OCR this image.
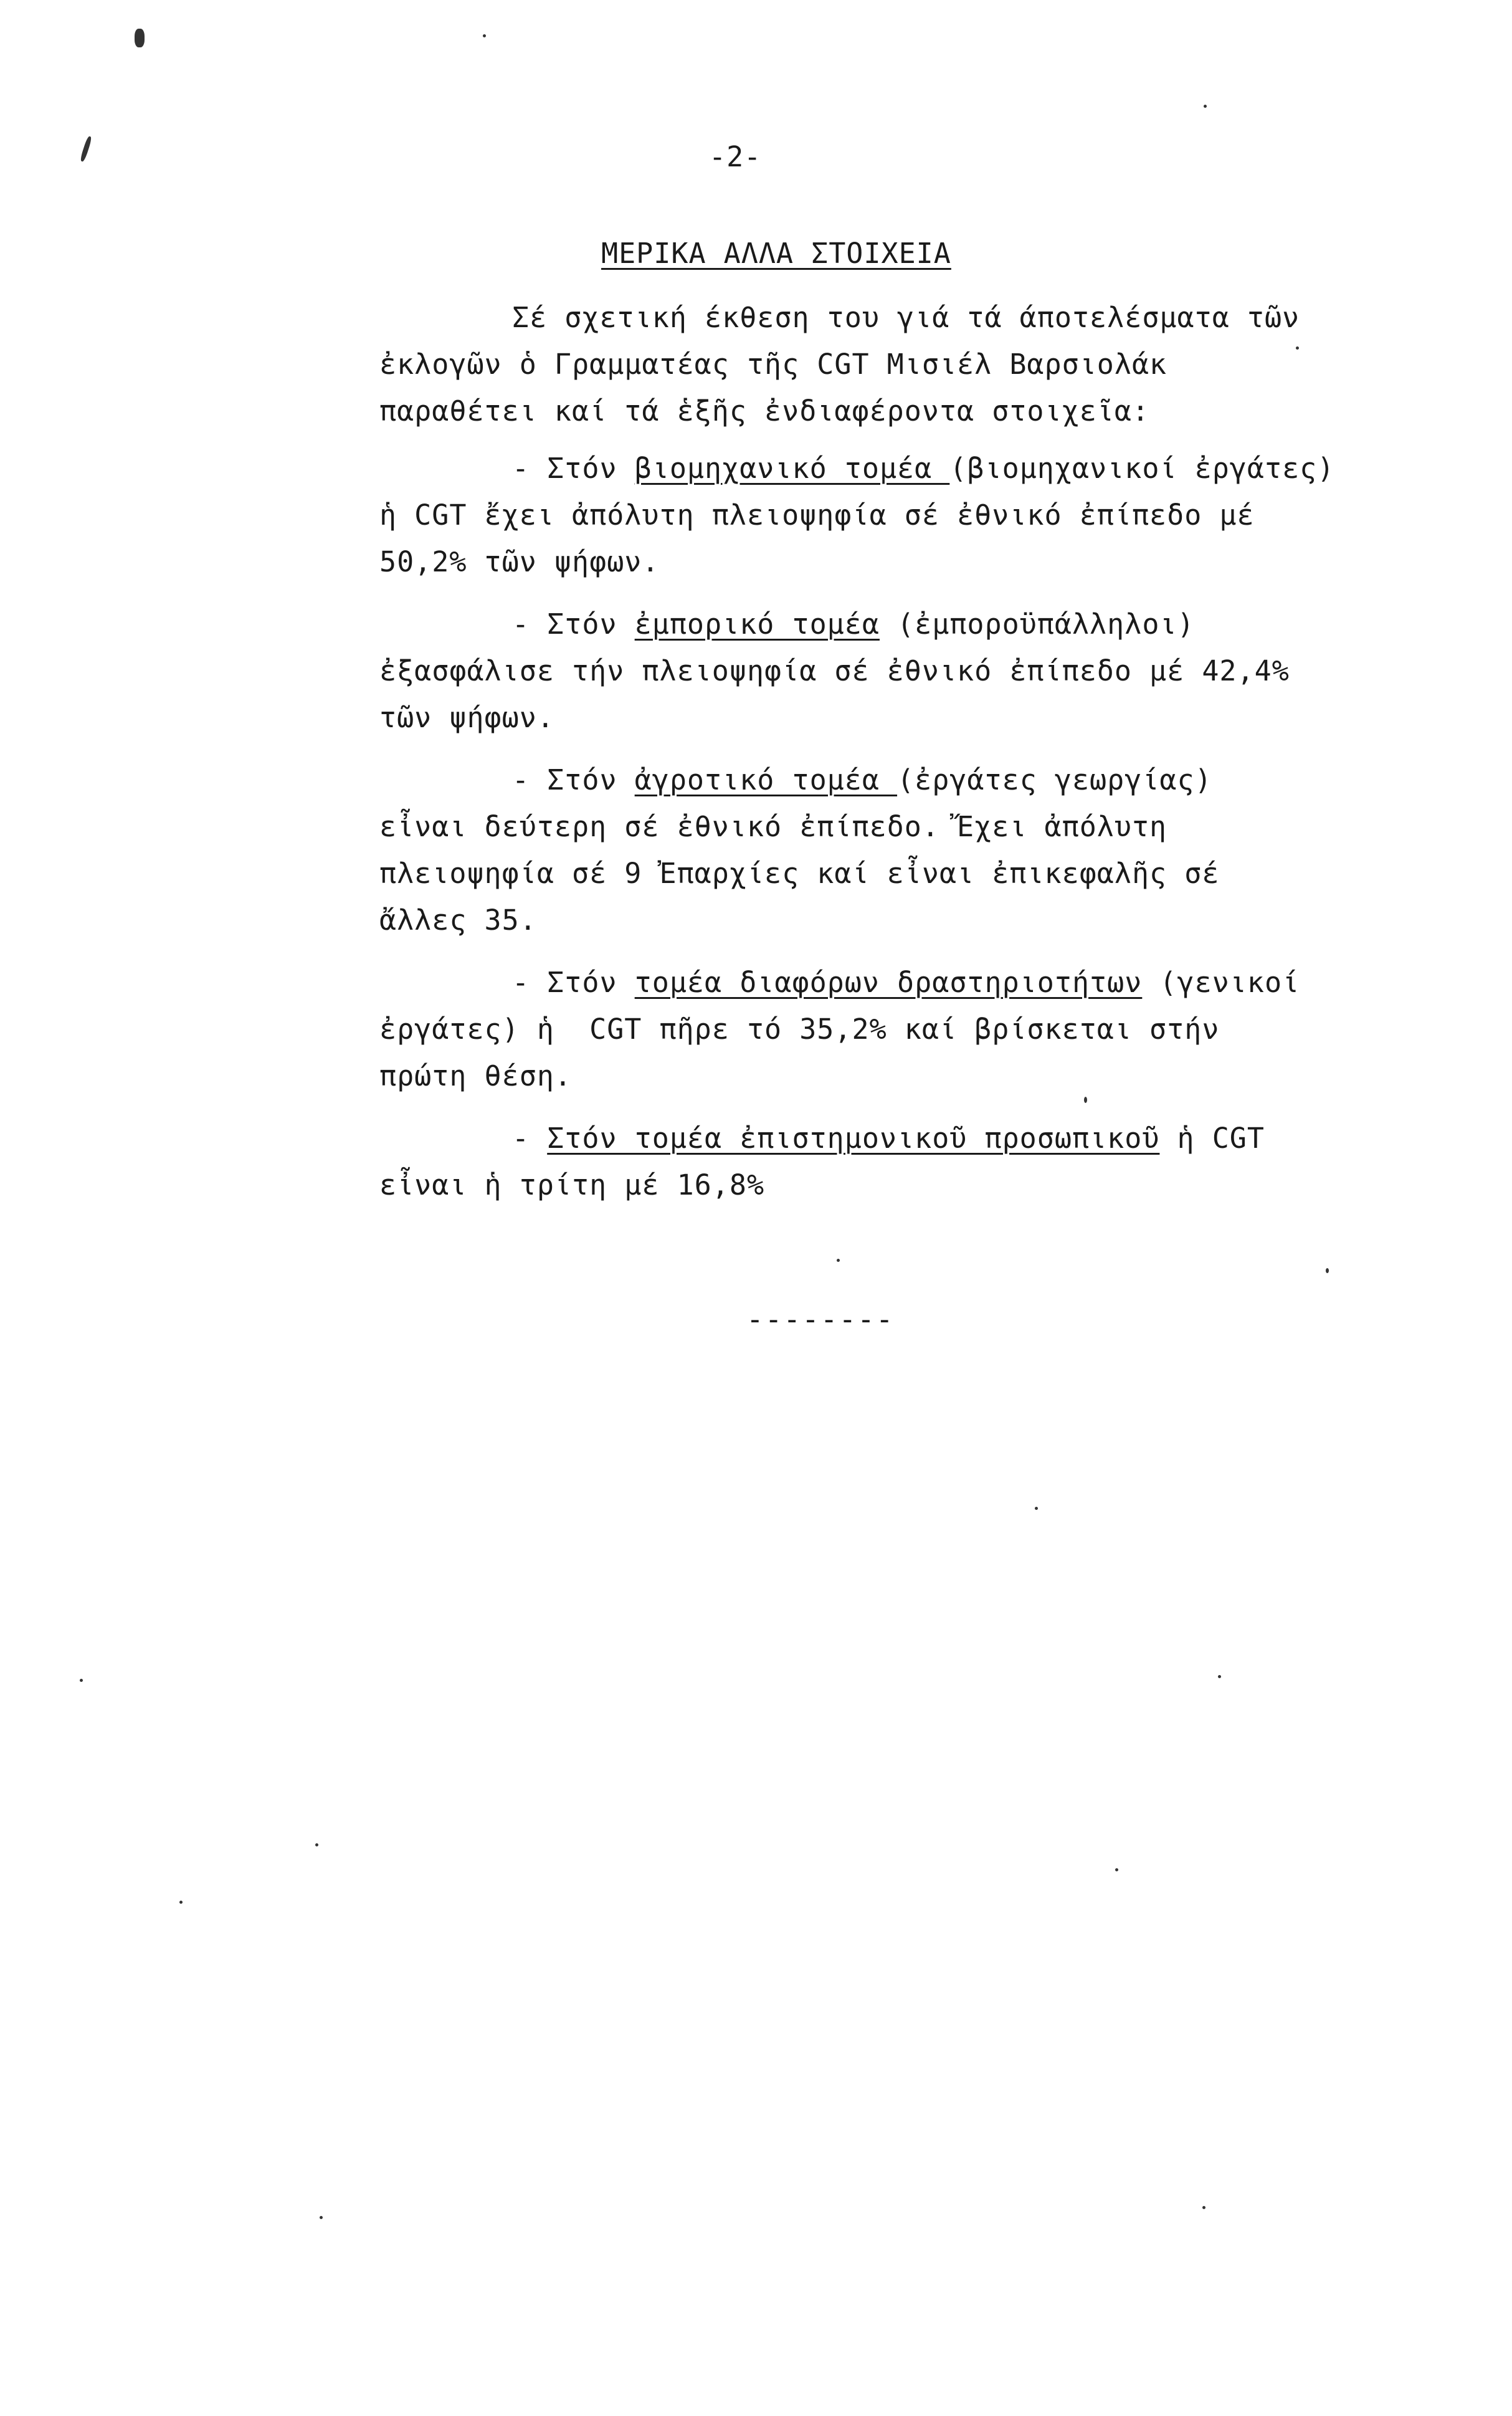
-2-
ΜΕΡΙΚΑ ΑΛΛΑ ΣΤΟΙΧΕΙΑ
Σέ σχετική έκθεση του γιά τά άποτελέσματα τῶν
ἐκλογῶν ὁ Γραμματέας τῆς CGT Μισιέλ Βαρσιολάκ
παραθέτει καί τά ἑξῆς ἐνδιαφέροντα στοιχεῖα:
- Στόν βιομηχανικό τομέα (βιομηχανικοί ἐργάτες)
ἡ CGT ἔχει ἀπόλυτη πλειοψηφία σέ ἐθνικό ἐπίπεδο μέ
50,2% τῶν ψήφων.
- Στόν ἐμπορικό τομέα (ἐμποροϋπάλληλοι)
ἐξασφάλισε τήν πλειοψηφία σέ ἐθνικό ἐπίπεδο μέ 42,4%
τῶν ψήφων.
- Στόν ἀγροτικό τομέα (ἐργάτες γεωργίας)
εἶναι δεύτερη σέ ἐθνικό ἐπίπεδο. Ἔχει ἀπόλυτη
πλειοψηφία σέ 9 Ἐπαρχίες καί εἶναι ἐπικεφαλῆς σέ
ἄλλες 35.
- Στόν τομέα διαφόρων δραστηριοτήτων (γενικοί
ἐργάτες) ἡ  CGT πῆρε τό 35,2% καί βρίσκεται στήν
πρώτη θέση.
- Στόν τομέα ἐπιστημονικοῦ προσωπικοῦ ἡ CGT
εἶναι ἡ τρίτη μέ 16,8%
--------
